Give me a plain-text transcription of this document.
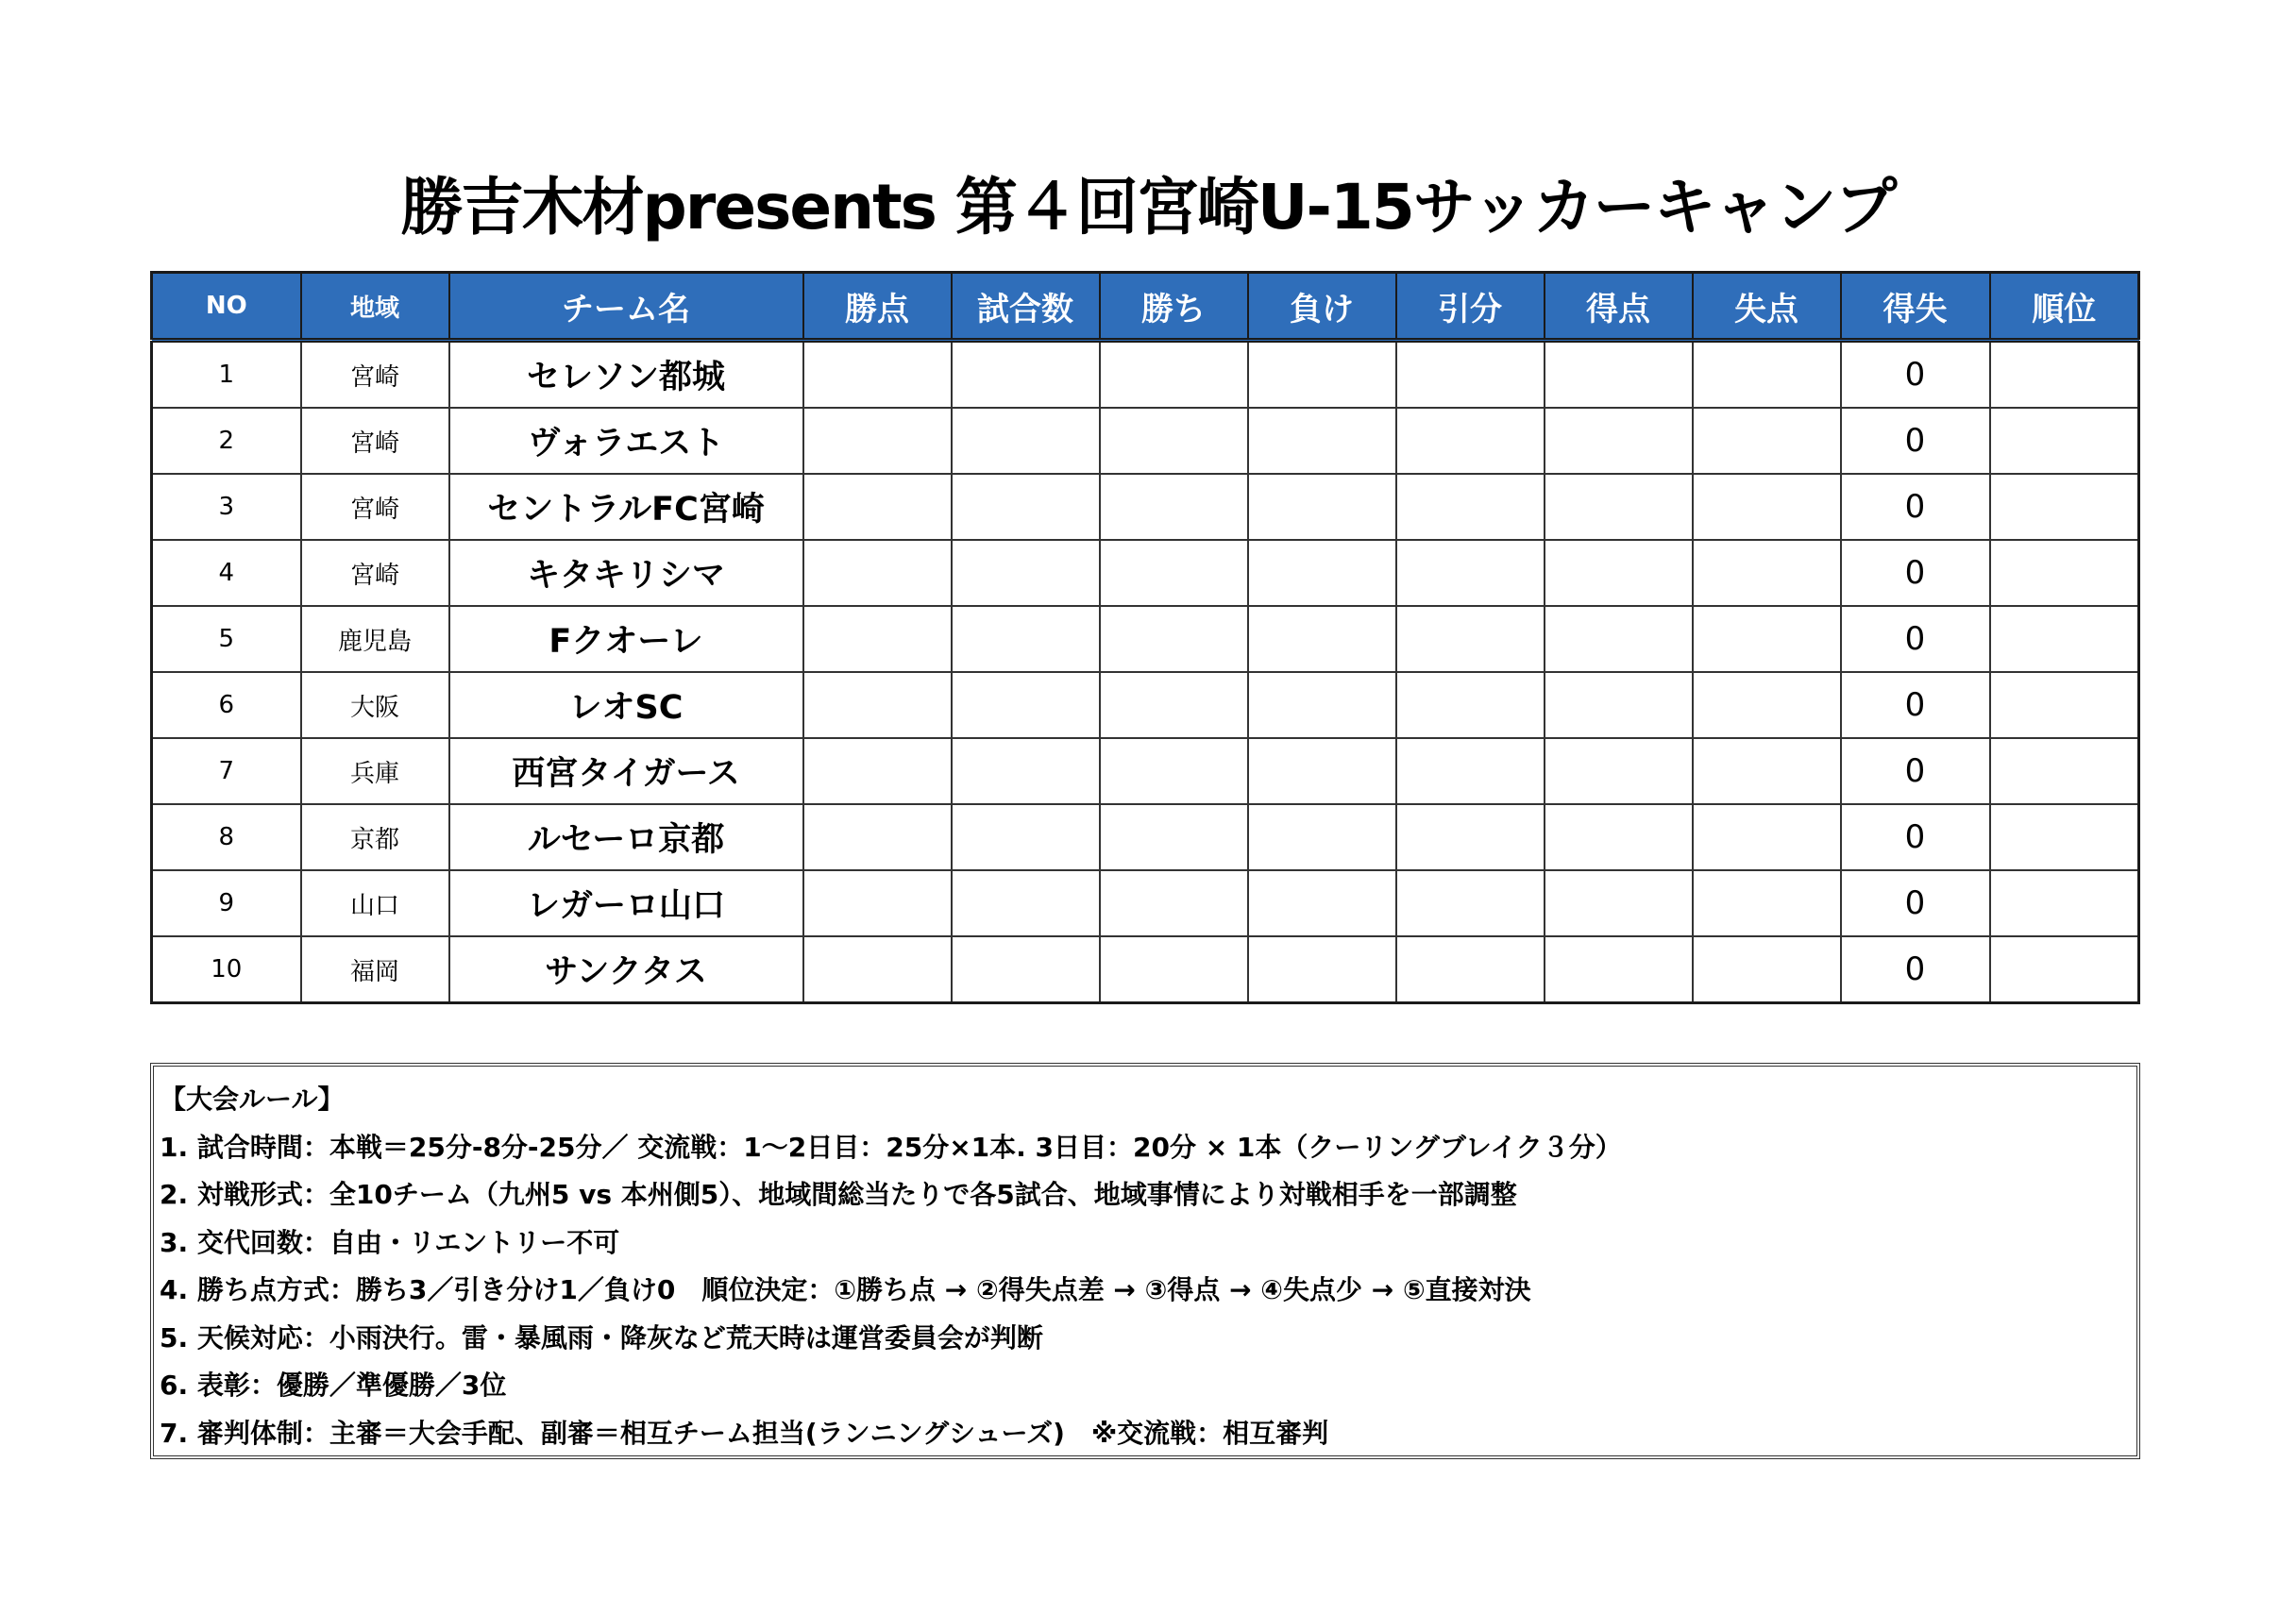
勝吉木材presents 第４回宮崎U-15サッカーキャンプ
NO	地域	チーム名	勝点	試合数	勝ち	負け	引分	得点	失点	得失	順位
1	宮崎	セレソン都城								0	
2	宮崎	ヴォラエスト								0	
3	宮崎	セントラルFC宮崎								0	
4	宮崎	キタキリシマ								0	
5	鹿児島	Fクオーレ								0	
6	大阪	レオSC								0	
7	兵庫	西宮タイガース								0	
8	京都	ルセーロ京都								0	
9	山口	レガーロ山口								0	
10	福岡	サンクタス								0	
【大会ルール】
1. 試合時間：本戦＝25分-8分-25分／ 交流戦：1～2日目：25分×1本. 3日目：20分 × 1本（クーリングブレイク３分）
2. 対戦形式：全10チーム（九州5 vs 本州側5）、地域間総当たりで各5試合、地域事情により対戦相手を一部調整
3. 交代回数：自由・リエントリー不可
4. 勝ち点方式：勝ち3／引き分け1／負け0　順位決定：①勝ち点 → ②得失点差 → ③得点 → ④失点少 → ⑤直接対決
5. 天候対応：小雨決行。雷・暴風雨・降灰など荒天時は運営委員会が判断
6. 表彰：優勝／準優勝／3位
7. 審判体制：主審＝大会手配、副審＝相互チーム担当(ランニングシューズ)　※交流戦：相互審判
